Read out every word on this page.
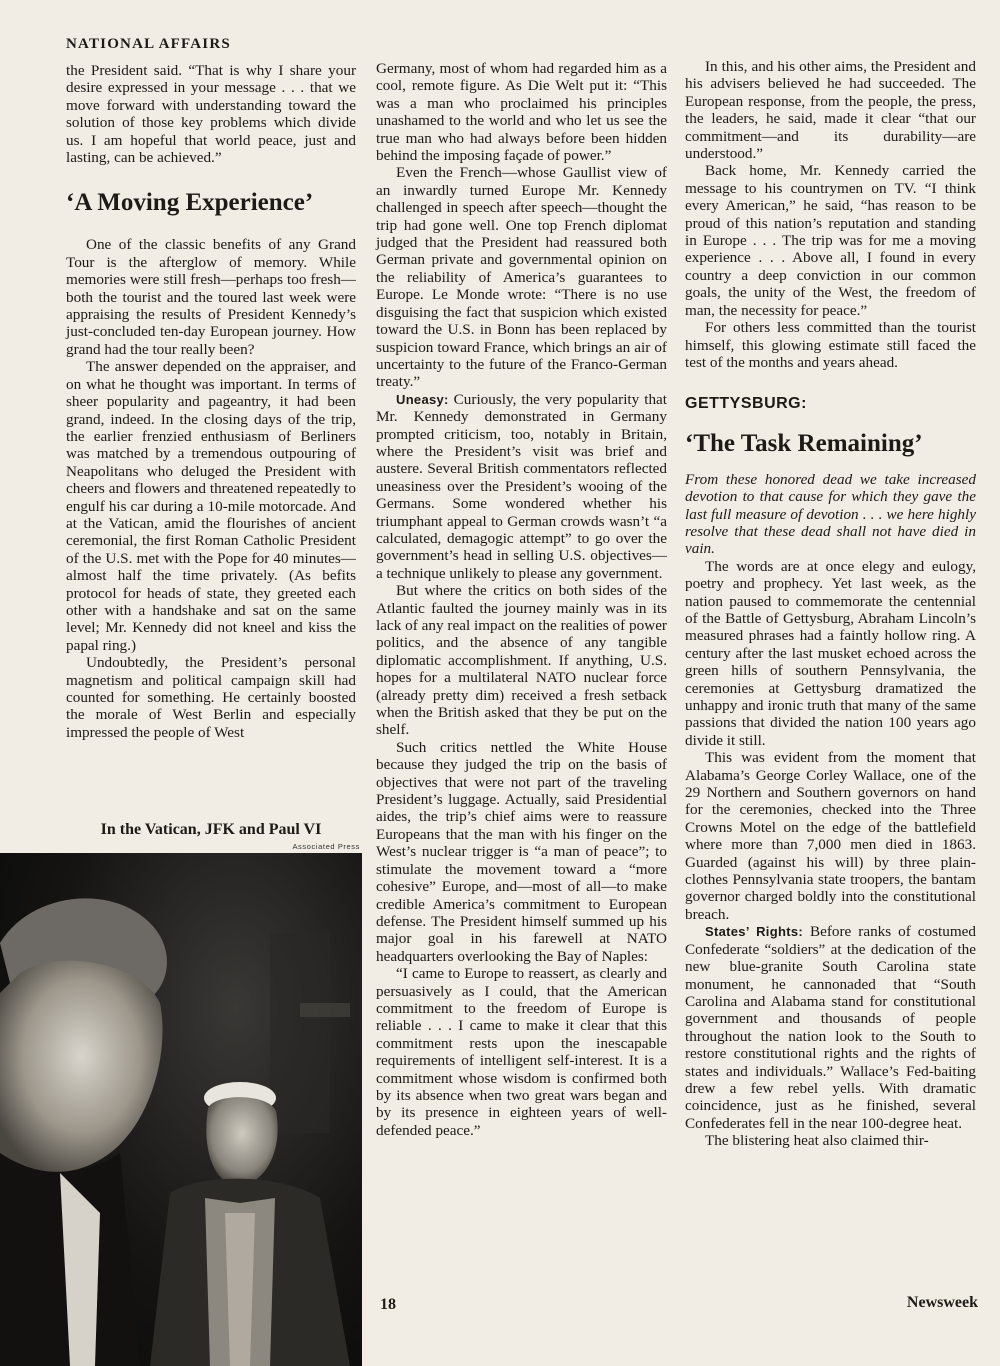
NATIONAL AFFAIRS

the President said. “That is why I share your desire expressed in your message . . . that we move forward with understanding toward the solution of those key problems which divide us. I am hopeful that world peace, just and lasting, can be achieved.”

‘A Moving Experience’

One of the classic benefits of any Grand Tour is the afterglow of memory. While memories were still fresh—perhaps too fresh—both the tourist and the toured last week were appraising the results of President Kennedy’s just-concluded ten-day European journey. How grand had the tour really been?

The answer depended on the appraiser, and on what he thought was important. In terms of sheer popularity and pageantry, it had been grand, indeed. In the closing days of the trip, the earlier frenzied enthusiasm of Berliners was matched by a tremendous outpouring of Neapolitans who deluged the President with cheers and flowers and threatened repeatedly to engulf his car during a 10-mile motorcade. And at the Vatican, amid the flourishes of ancient ceremonial, the first Roman Catholic President of the U.S. met with the Pope for 40 minutes—almost half the time privately. (As befits protocol for heads of state, they greeted each other with a handshake and sat on the same level; Mr. Kennedy did not kneel and kiss the papal ring.)

Undoubtedly, the President’s personal magnetism and political campaign skill had counted for something. He certainly boosted the morale of West Berlin and especially impressed the people of West

In the Vatican, JFK and Paul VI
Associated Press

Germany, most of whom had regarded him as a cool, remote figure. As Die Welt put it: “This was a man who proclaimed his principles unashamed to the world and who let us see the true man who had always before been hidden behind the imposing façade of power.”

Even the French—whose Gaullist view of an inwardly turned Europe Mr. Kennedy challenged in speech after speech—thought the trip had gone well. One top French diplomat judged that the President had reassured both German private and governmental opinion on the reliability of America’s guarantees to Europe. Le Monde wrote: “There is no use disguising the fact that suspicion which existed toward the U.S. in Bonn has been replaced by suspicion toward France, which brings an air of uncertainty to the future of the Franco-German treaty.”

Uneasy: Curiously, the very popularity that Mr. Kennedy demonstrated in Germany prompted criticism, too, notably in Britain, where the President’s visit was brief and austere. Several British commentators reflected uneasiness over the President’s wooing of the Germans. Some wondered whether his triumphant appeal to German crowds wasn’t “a calculated, demagogic attempt” to go over the government’s head in selling U.S. objectives—a technique unlikely to please any government.

But where the critics on both sides of the Atlantic faulted the journey mainly was in its lack of any real impact on the realities of power politics, and the absence of any tangible diplomatic accomplishment. If anything, U.S. hopes for a multilateral NATO nuclear force (already pretty dim) received a fresh setback when the British asked that they be put on the shelf.

Such critics nettled the White House because they judged the trip on the basis of objectives that were not part of the traveling President’s luggage. Actually, said Presidential aides, the trip’s chief aims were to reassure Europeans that the man with his finger on the West’s nuclear trigger is “a man of peace”; to stimulate the movement toward a “more cohesive” Europe, and—most of all—to make credible America’s commitment to European defense. The President himself summed up his major goal in his farewell at NATO headquarters overlooking the Bay of Naples:

“I came to Europe to reassert, as clearly and persuasively as I could, that the American commitment to the freedom of Europe is reliable . . . I came to make it clear that this commitment rests upon the inescapable requirements of intelligent self-interest. It is a commitment whose wisdom is confirmed both by its absence when two great wars began and by its presence in eighteen years of well-defended peace.”

In this, and his other aims, the President and his advisers believed he had succeeded. The European response, from the people, the press, the leaders, he said, made it clear “that our commitment—and its durability—are understood.”

Back home, Mr. Kennedy carried the message to his countrymen on TV. “I think every American,” he said, “has reason to be proud of this nation’s reputation and standing in Europe . . . The trip was for me a moving experience . . . Above all, I found in every country a deep conviction in our common goals, the unity of the West, the freedom of man, the necessity for peace.”

For others less committed than the tourist himself, this glowing estimate still faced the test of the months and years ahead.

GETTYSBURG:
‘The Task Remaining’

From these honored dead we take increased devotion to that cause for which they gave the last full measure of devotion . . . we here highly resolve that these dead shall not have died in vain.

The words are at once elegy and eulogy, poetry and prophecy. Yet last week, as the nation paused to commemorate the centennial of the Battle of Gettysburg, Abraham Lincoln’s measured phrases had a faintly hollow ring. A century after the last musket echoed across the green hills of southern Pennsylvania, the ceremonies at Gettysburg dramatized the unhappy and ironic truth that many of the same passions that divided the nation 100 years ago divide it still.

This was evident from the moment that Alabama’s George Corley Wallace, one of the 29 Northern and Southern governors on hand for the ceremonies, checked into the Three Crowns Motel on the edge of the battlefield where more than 7,000 men died in 1863. Guarded (against his will) by three plain-clothes Pennsylvania state troopers, the bantam governor charged boldly into the constitutional breach.

States’ Rights: Before ranks of costumed Confederate “soldiers” at the dedication of the new blue-granite South Carolina state monument, he cannonaded that “South Carolina and Alabama stand for constitutional government and thousands of people throughout the nation look to the South to restore constitutional rights and the rights of states and individuals.” Wallace’s Fed-baiting drew a few rebel yells. With dramatic coincidence, just as he finished, several Confederates fell in the near 100-degree heat.

The blistering heat also claimed thir-

18	Newsweek
